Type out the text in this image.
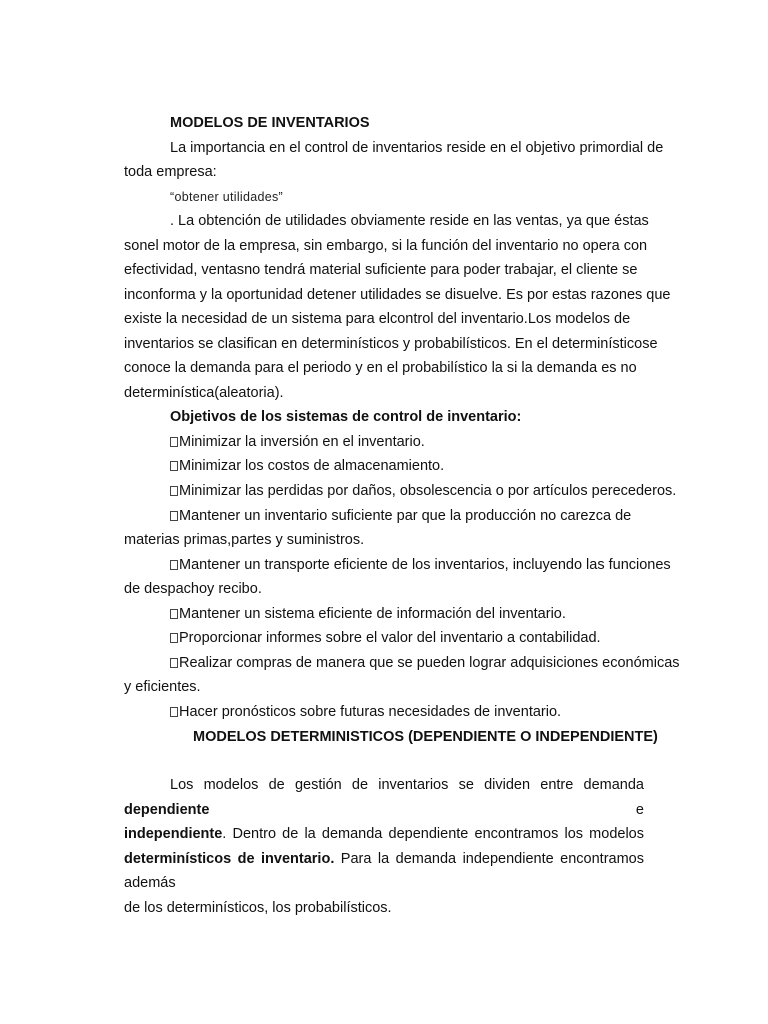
MODELOS DE INVENTARIOS

La importancia en el control de inventarios reside en el objetivo primordial de

toda empresa:

“obtener utilidades”

. La obtención de utilidades obviamente reside en las ventas, ya que éstas

sonel motor de la empresa, sin embargo, si la función del inventario no opera con

efectividad, ventasno tendrá material suficiente para poder trabajar, el cliente se

inconforma y la oportunidad detener utilidades se disuelve. Es por estas razones que

existe la necesidad de un sistema para elcontrol del inventario.Los modelos de

inventarios se clasifican en determinísticos y probabilísticos. En el determinísticose

conoce la demanda para el periodo y en el probabilístico la si la demanda es no

determinística(aleatoria).

Objetivos de los sistemas de control de inventario:

Minimizar la inversión en el inventario.

Minimizar los costos de almacenamiento.

Minimizar las perdidas por daños, obsolescencia o por artículos perecederos.

Mantener un inventario suficiente par que la producción no carezca de

materias primas,partes y suministros.

Mantener un transporte eficiente de los inventarios, incluyendo las funciones

de despachoy recibo.

Mantener un sistema eficiente de información del inventario.

Proporcionar informes sobre el valor del inventario a contabilidad.

Realizar compras de manera que se pueden lograr adquisiciones económicas

y eficientes.

Hacer pronósticos sobre futuras necesidades de inventario.

MODELOS DETERMINISTICOS (DEPENDIENTE O INDEPENDIENTE)

Los modelos de gestión de inventarios se dividen entre demanda dependiente e
independiente. Dentro de la demanda dependiente encontramos los modelos
determinísticos de inventario. Para la demanda independiente encontramos además
de los determinísticos, los probabilísticos.
